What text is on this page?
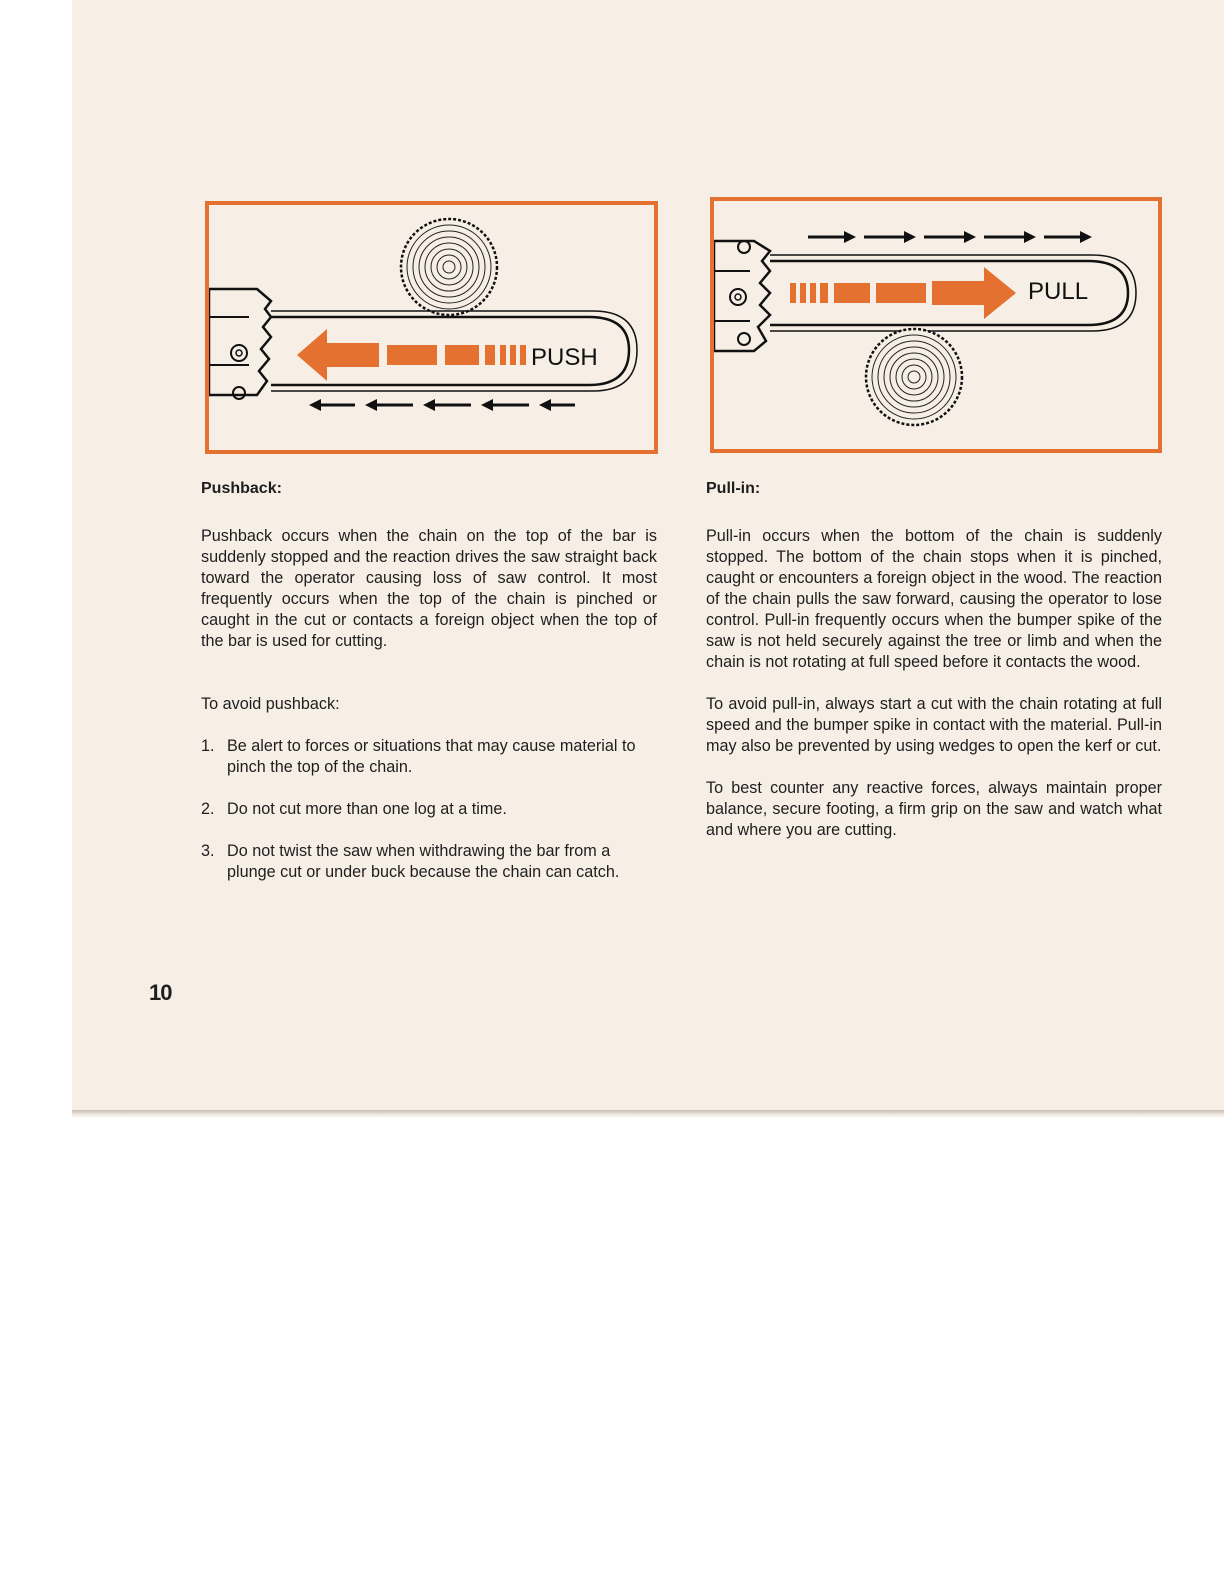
PUSH
PULL
Pushback:

Pushback occurs when the chain on the top of the bar is suddenly stopped and the reaction drives the saw straight back toward the operator causing loss of saw control. It most frequently occurs when the top of the chain is pinched or caught in the cut or contacts a foreign object when the top of the bar is used for cutting.

To avoid pushback:

1. Be alert to forces or situations that may cause material to pinch the top of the chain.
2. Do not cut more than one log at a time.
3. Do not twist the saw when withdrawing the bar from a plunge cut or under buck because the chain can catch.
Pull-in:

Pull-in occurs when the bottom of the chain is suddenly stopped. The bottom of the chain stops when it is pinched, caught or encounters a foreign object in the wood. The reaction of the chain pulls the saw forward, causing the operator to lose control. Pull-in frequently occurs when the bumper spike of the saw is not held securely against the tree or limb and when the chain is not rotating at full speed before it contacts the wood.

To avoid pull-in, always start a cut with the chain rotating at full speed and the bumper spike in contact with the material. Pull-in may also be prevented by using wedges to open the kerf or cut.

To best counter any reactive forces, always maintain proper balance, secure footing, a firm grip on the saw and watch what and where you are cutting.

10
